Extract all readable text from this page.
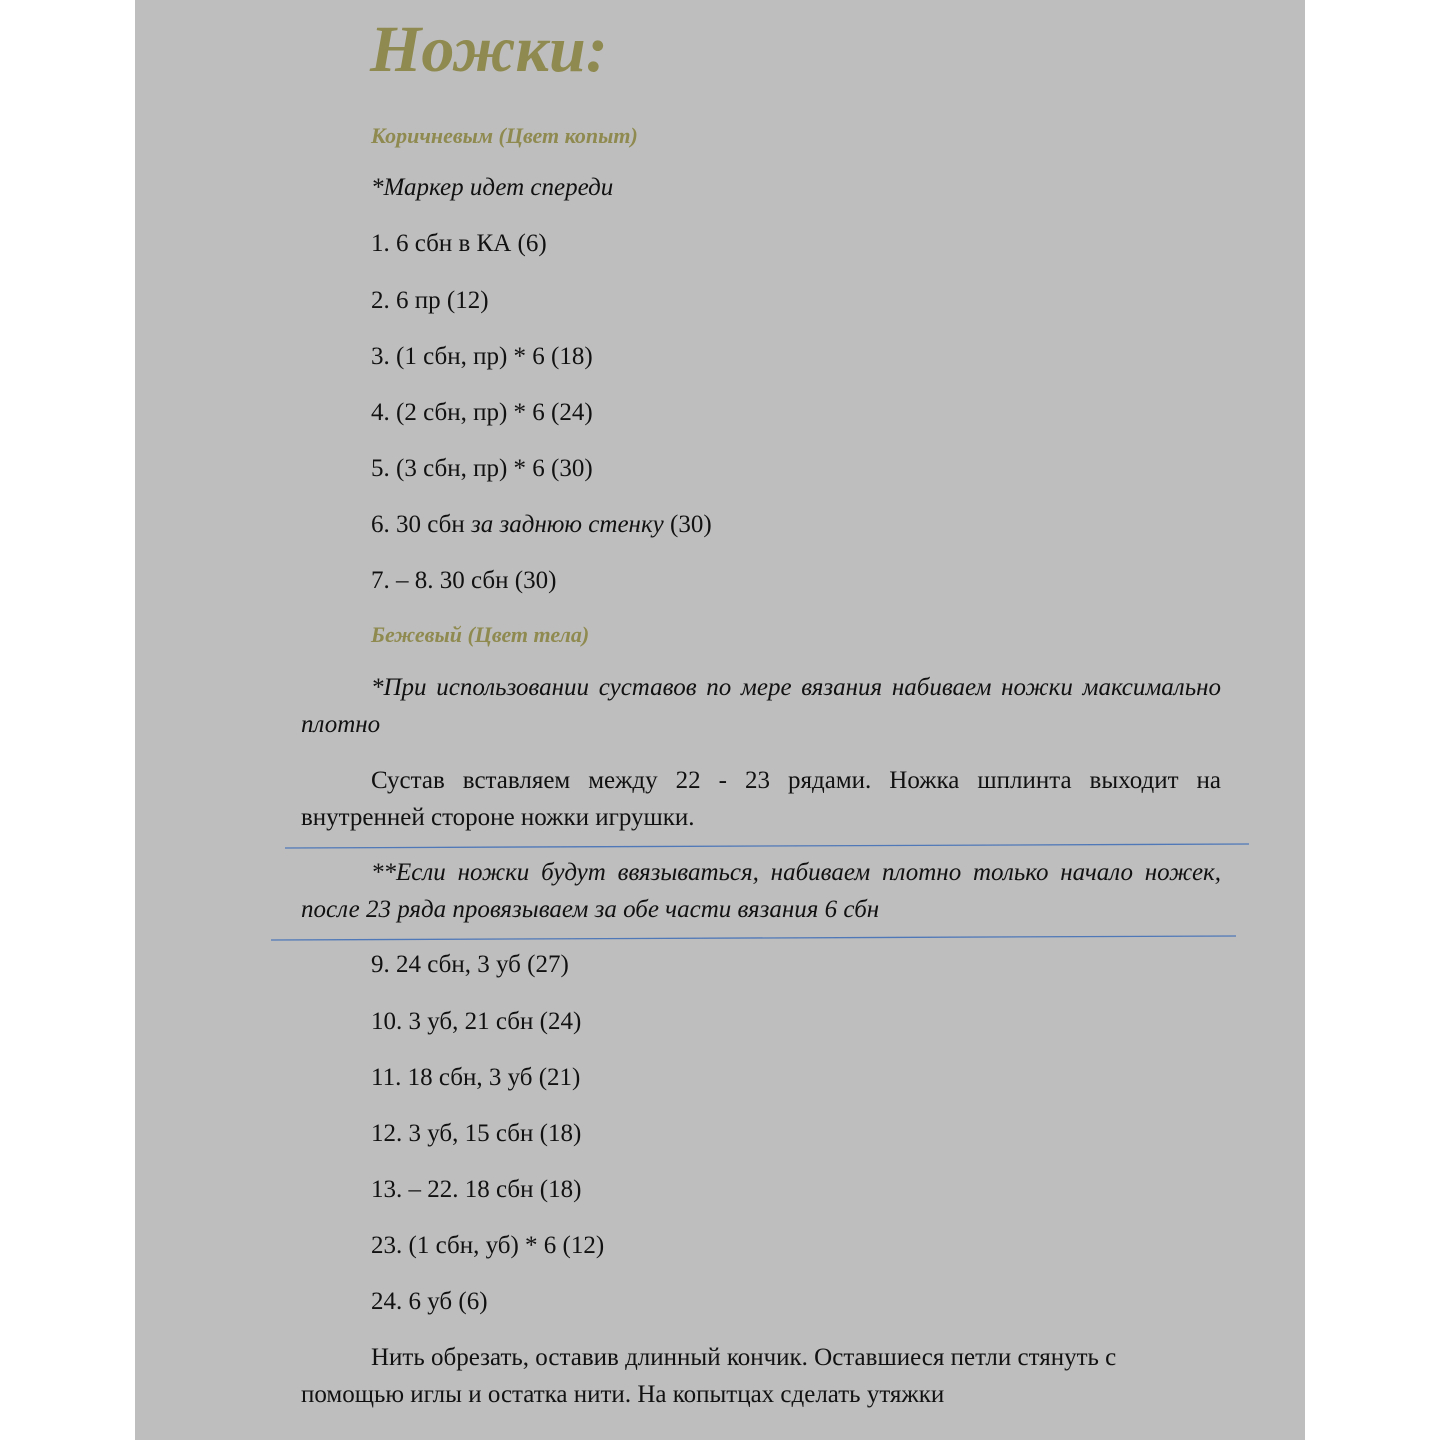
Ножки:

Коричневым (Цвет копыт)

*Маркер идет спереди

1. 6 сбн в КА (6)

2. 6 пр (12)

3. (1 сбн, пр) * 6 (18)

4. (2 сбн, пр) * 6 (24)

5. (3 сбн, пр) * 6 (30)

6. 30 сбн за заднюю стенку (30)

7. – 8. 30 сбн (30)

Бежевый (Цвет тела)

*При использовании суставов по мере вязания набиваем ножки максимально плотно

Сустав вставляем между 22 - 23 рядами. Ножка шплинта выходит на внутренней стороне ножки игрушки.

**Если ножки будут ввязываться, набиваем плотно только начало ножек, после 23 ряда провязываем за обе части вязания 6 сбн

9. 24 сбн, 3 уб (27)

10. 3 уб, 21 сбн (24)

11. 18 сбн, 3 уб (21)

12. 3 уб, 15 сбн (18)

13. – 22. 18 сбн (18)

23. (1 сбн, уб) * 6 (12)

24. 6 уб (6)

Нить обрезать, оставив длинный кончик. Оставшиеся петли стянуть с помощью иглы и остатка нити. На копытцах сделать утяжки
